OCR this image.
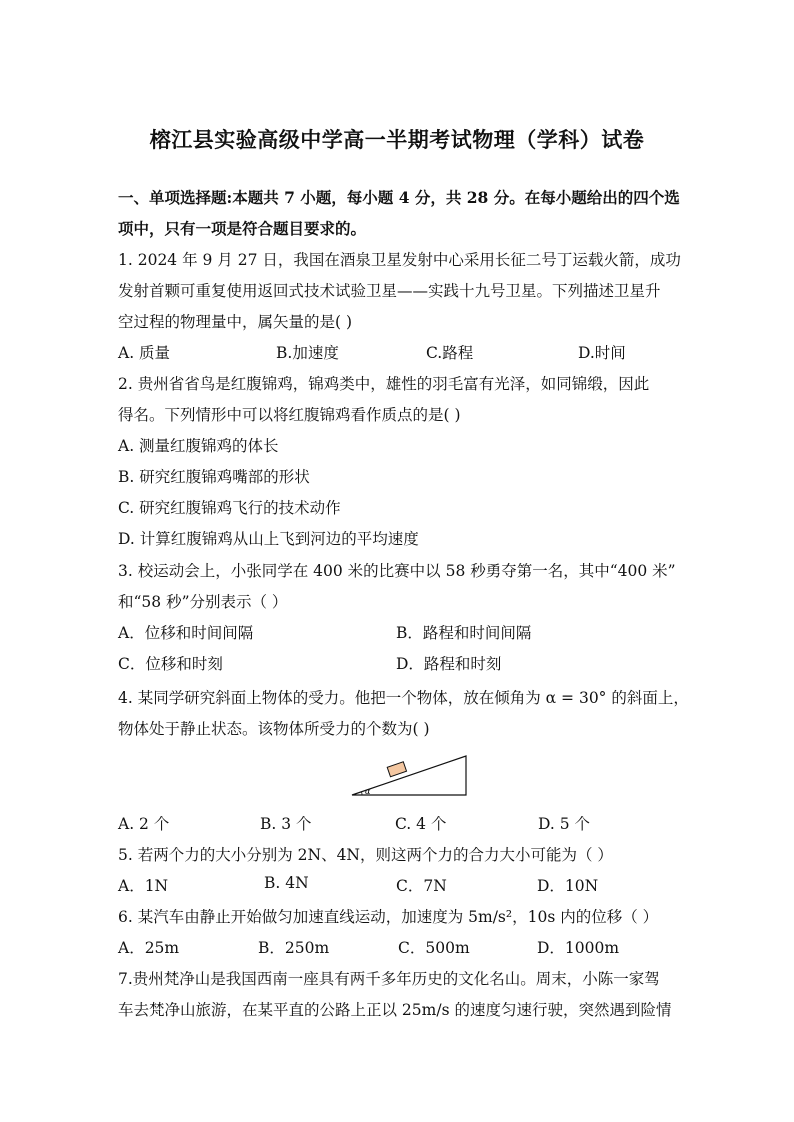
榕江县实验高级中学高一半期考试物理（学科）试卷
一、单项选择题:本题共 7 小题，每小题 4 分，共 28 分。在每小题给出的四个选
项中，只有一项是符合题目要求的。
1. 2024 年 9 月 27 日，我国在酒泉卫星发射中心采用长征二号丁运载火箭，成功
发射首颗可重复使用返回式技术试验卫星——实践十九号卫星。下列描述卫星升
空过程的物理量中，属矢量的是( )
A. 质量	B.加速度	C.路程	D.时间
2. 贵州省省鸟是红腹锦鸡，锦鸡类中，雄性的羽毛富有光泽，如同锦缎，因此
得名。下列情形中可以将红腹锦鸡看作质点的是( )
A. 测量红腹锦鸡的体长
B. 研究红腹锦鸡嘴部的形状
C. 研究红腹锦鸡飞行的技术动作
D. 计算红腹锦鸡从山上飞到河边的平均速度
3. 校运动会上，小张同学在 400 米的比赛中以 58 秒勇夺第一名，其中“400 米”
和“58 秒”分别表示（ ）
A．位移和时间间隔	B．路程和时间间隔
C．位移和时刻	D．路程和时刻
4. 某同学研究斜面上物体的受力。他把一个物体，放在倾角为 α = 30° 的斜面上，
物体处于静止状态。该物体所受力的个数为( )
α
A. 2 个	B. 3 个	C. 4 个	D. 5 个
5. 若两个力的大小分别为 2N、4N，则这两个力的合力大小可能为（ ）
A．1N	B. 4N	C．7N	D．10N
6. 某汽车由静止开始做匀加速直线运动，加速度为 5m/s²，10s 内的位移（ ）
A．25m	B．250m	C．500m	D．1000m
7.贵州梵净山是我国西南一座具有两千多年历史的文化名山。周末，小陈一家驾
车去梵净山旅游，在某平直的公路上正以 25m/s 的速度匀速行驶，突然遇到险情
